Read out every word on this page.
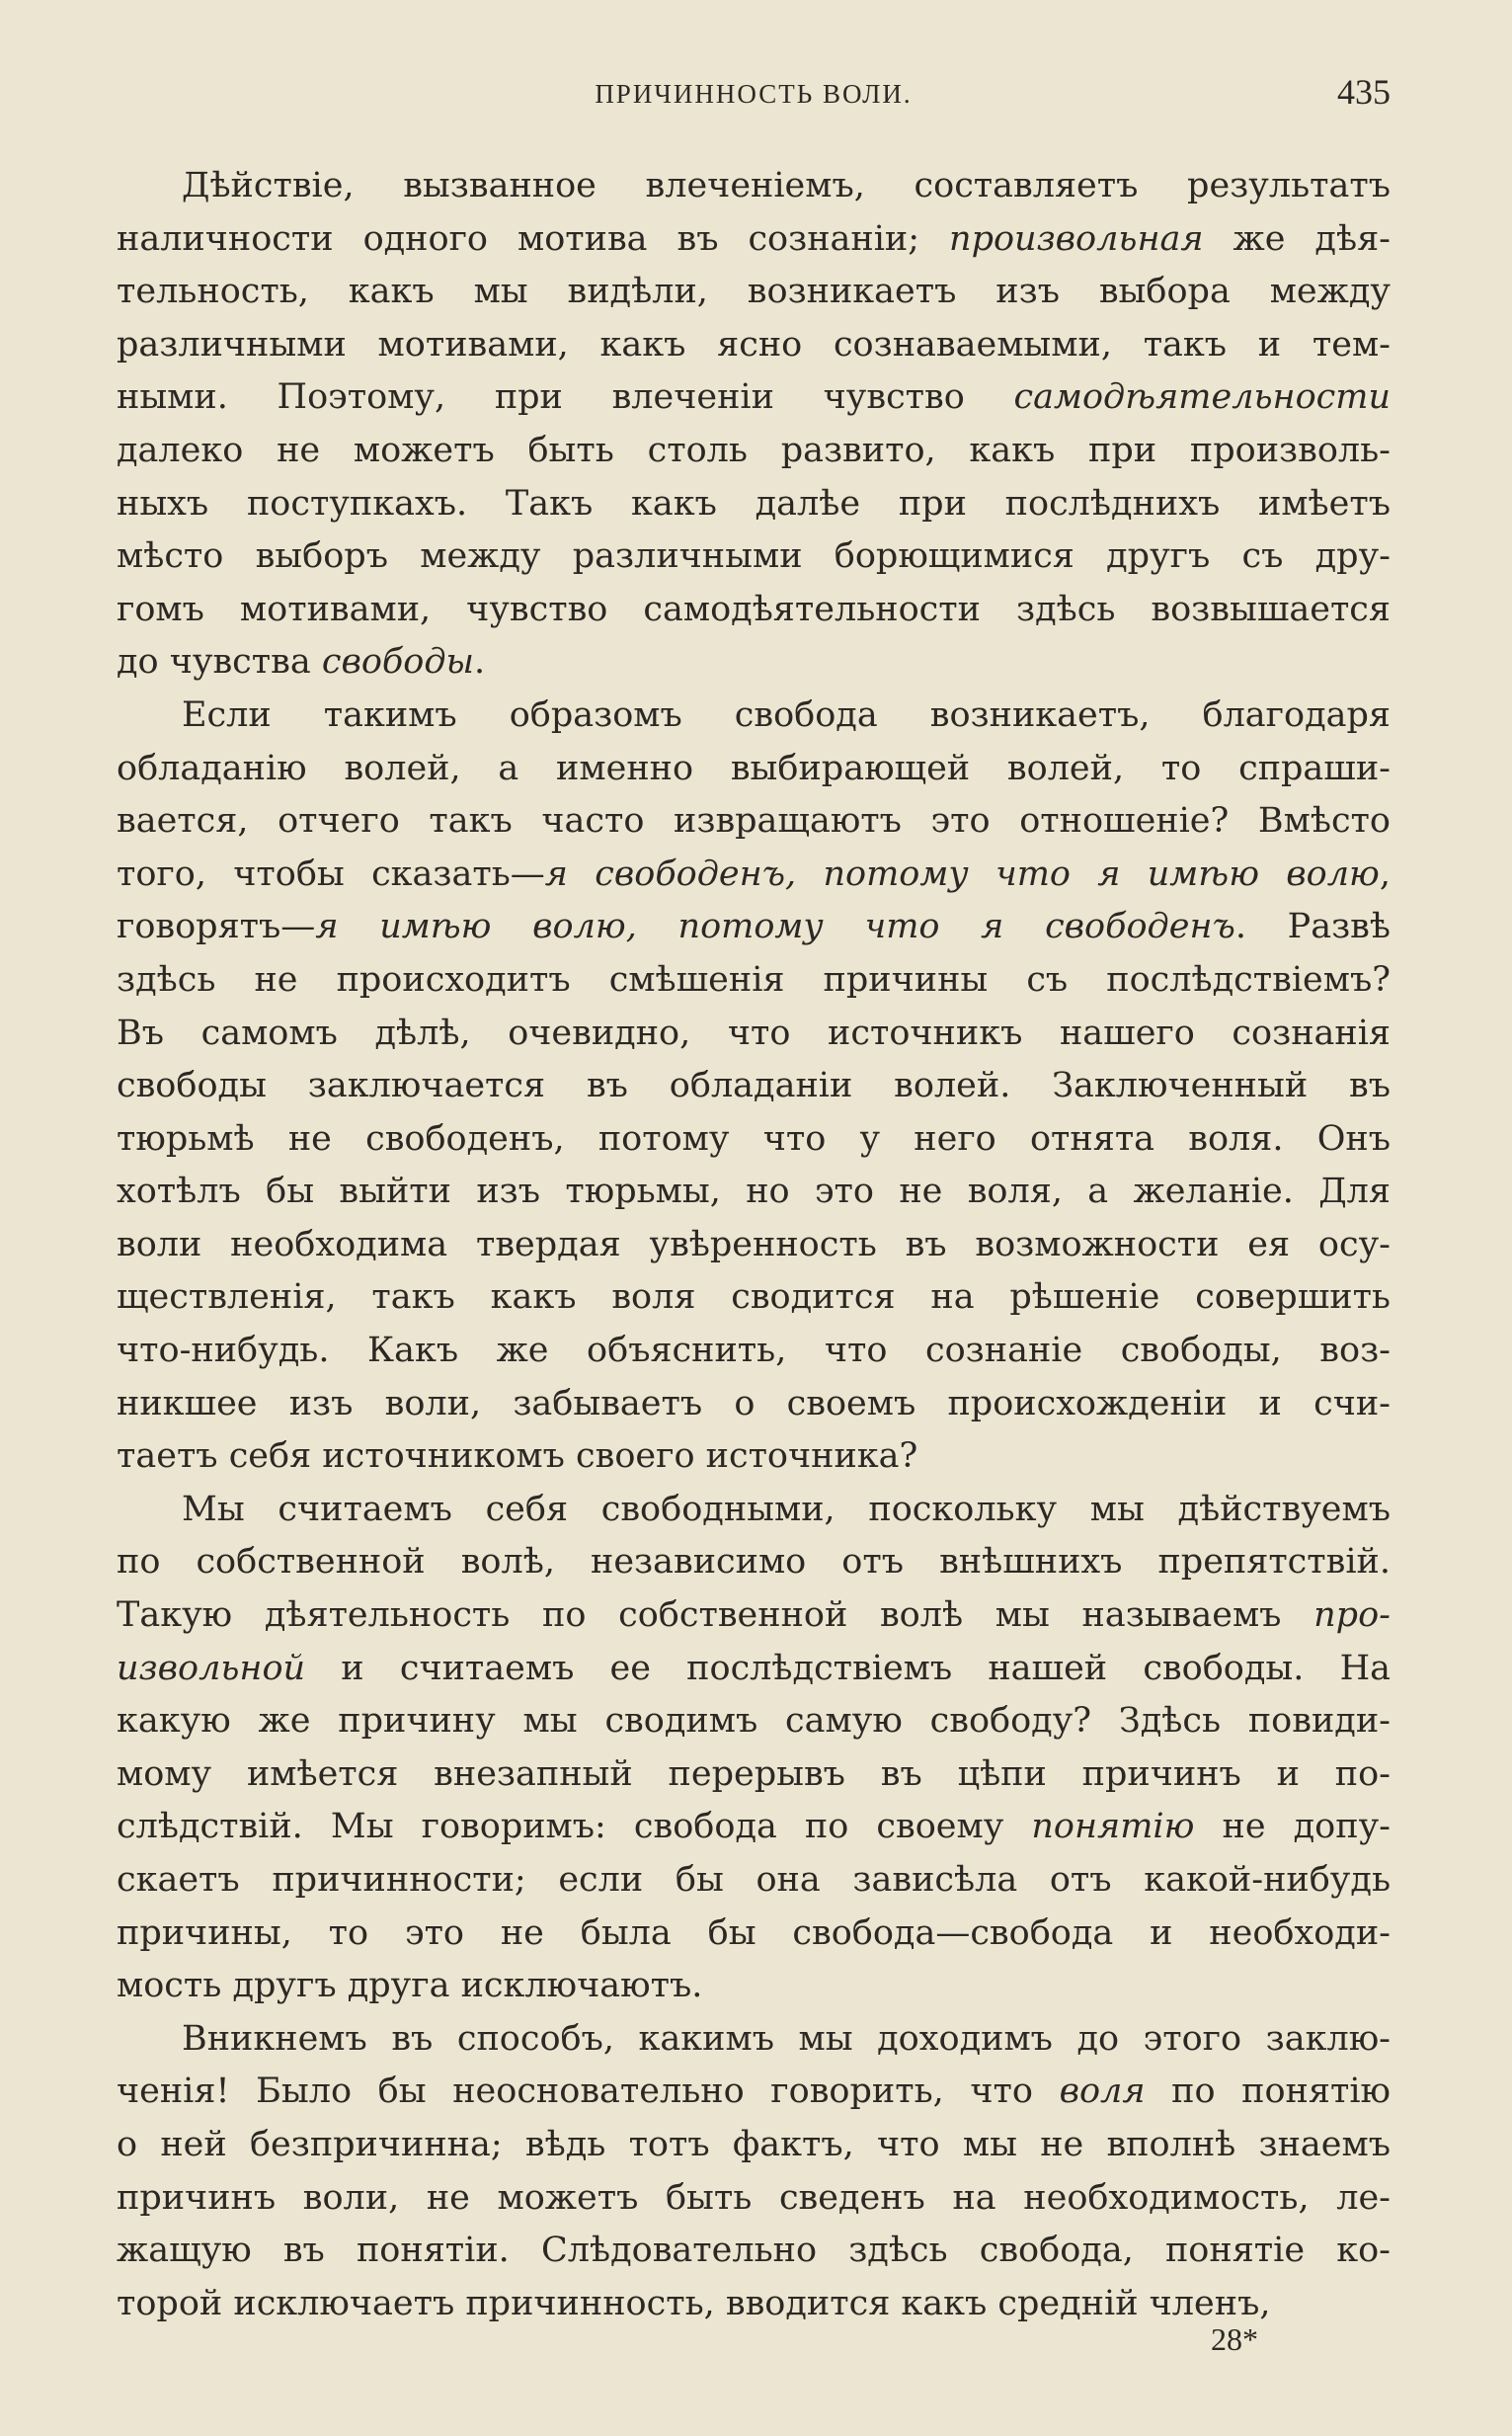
ПРИЧИННОСТЬ ВОЛИ.	435
Дѣйствіе, вызванное влеченіемъ, составляетъ результатъ
наличности одного мотива въ сознаніи; произвольная же дѣя-
тельность, какъ мы видѣли, возникаетъ изъ выбора между
различными мотивами, какъ ясно сознаваемыми, такъ и тем-
ными. Поэтому, при влеченіи чувство самодѣятельности
далеко не можетъ быть столь развито, какъ при произволь-
ныхъ поступкахъ. Такъ какъ далѣе при послѣднихъ имѣетъ
мѣсто выборъ между различными борющимися другъ съ дру-
гомъ мотивами, чувство самодѣятельности здѣсь возвышается
до чувства свободы.
Если такимъ образомъ свобода возникаетъ, благодаря
обладанію волей, а именно выбирающей волей, то спраши-
вается, отчего такъ часто извращаютъ это отношеніе? Вмѣсто
того, чтобы сказать—я свободенъ, потому что я имѣю волю,
говорятъ—я имѣю волю, потому что я свободенъ. Развѣ
здѣсь не происходитъ смѣшенія причины съ послѣдствіемъ?
Въ самомъ дѣлѣ, очевидно, что источникъ нашего сознанія
свободы заключается въ обладаніи волей. Заключенный въ
тюрьмѣ не свободенъ, потому что у него отнята воля. Онъ
хотѣлъ бы выйти изъ тюрьмы, но это не воля, а желаніе. Для
воли необходима твердая увѣренность въ возможности ея осу-
ществленія, такъ какъ воля сводится на рѣшеніе совершить
что-нибудь. Какъ же объяснить, что сознаніе свободы, воз-
никшее изъ воли, забываетъ о своемъ происхожденіи и счи-
таетъ себя источникомъ своего источника?
Мы считаемъ себя свободными, поскольку мы дѣйствуемъ
по собственной волѣ, независимо отъ внѣшнихъ препятствій.
Такую дѣятельность по собственной волѣ мы называемъ про-
извольной и считаемъ ее послѣдствіемъ нашей свободы. На
какую же причину мы сводимъ самую свободу? Здѣсь повиди-
мому имѣется внезапный перерывъ въ цѣпи причинъ и по-
слѣдствій. Мы говоримъ: свобода по своему понятію не допу-
скаетъ причинности; если бы она зависѣла отъ какой-нибудь
причины, то это не была бы свобода—свобода и необходи-
мость другъ друга исключаютъ.
Вникнемъ въ способъ, какимъ мы доходимъ до этого заклю-
ченія! Было бы неосновательно говорить, что воля по понятію
о ней безпричинна; вѣдь тотъ фактъ, что мы не вполнѣ знаемъ
причинъ воли, не можетъ быть сведенъ на необходимость, ле-
жащую въ понятіи. Слѣдовательно здѣсь свобода, понятіе ко-
торой исключаетъ причинность, вводится какъ средній членъ,
28*
